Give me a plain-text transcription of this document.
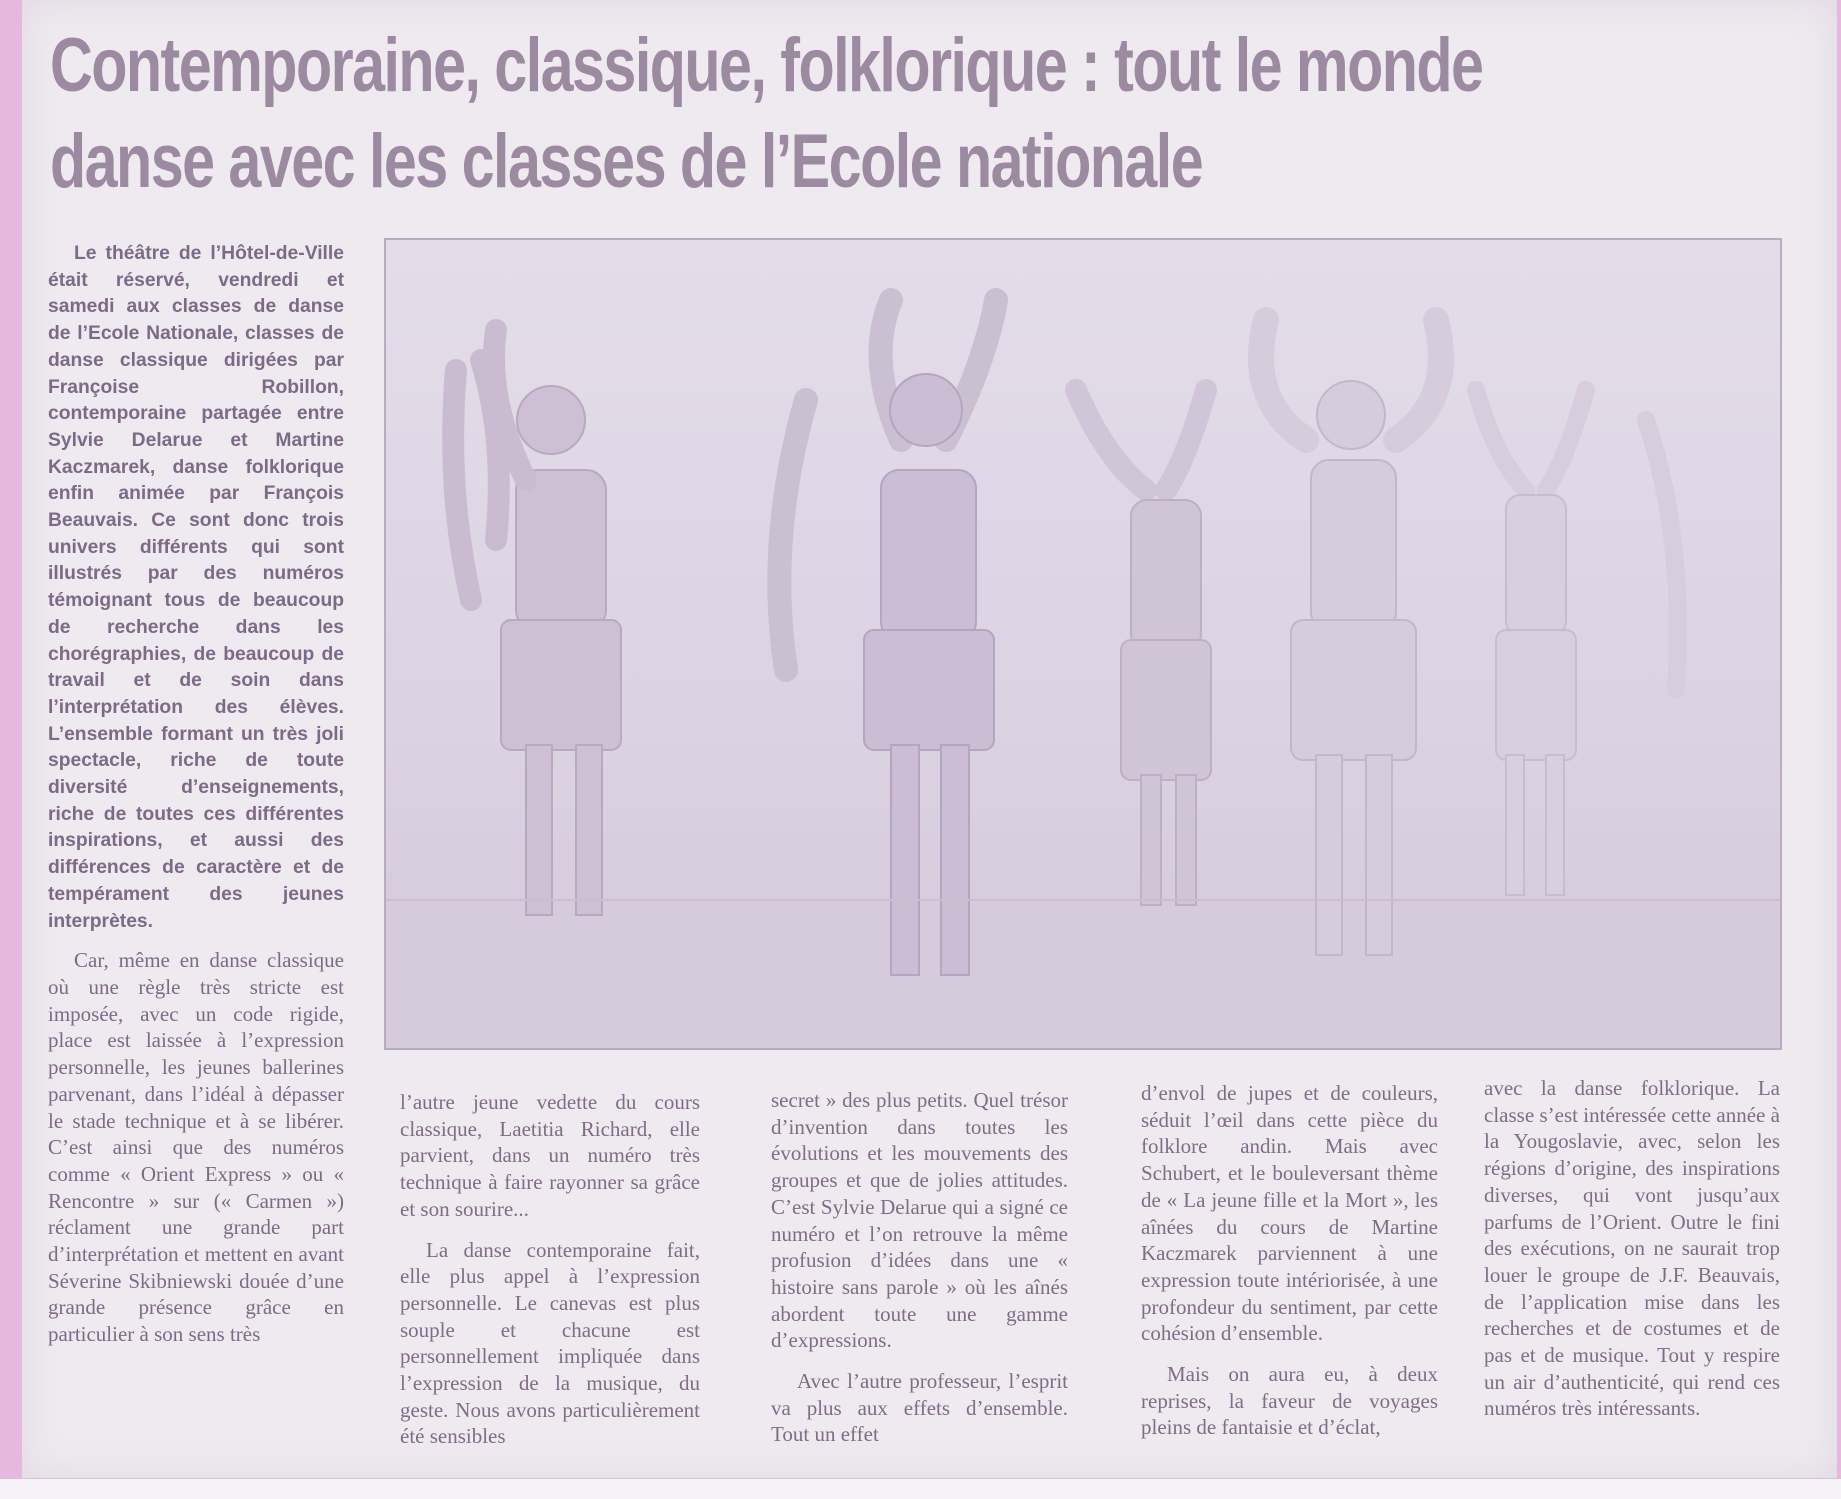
Contemporaine, classique, folklorique : tout le monde
danse avec les classes de l’Ecole nationale

Le théâtre de l’Hôtel-de-Ville était réservé, vendredi et samedi aux classes de danse de l’Ecole Nationale, classes de danse classique dirigées par Françoise Robillon, contemporaine partagée entre Sylvie Delarue et Martine Kaczmarek, danse folklorique enfin animée par François Beauvais. Ce sont donc trois univers différents qui sont illustrés par des numéros témoignant tous de beaucoup de recherche dans les chorégraphies, de beaucoup de travail et de soin dans l’interprétation des élèves. L’ensemble formant un très joli spectacle, riche de toute diversité d’enseignements, riche de toutes ces différentes inspirations, et aussi des différences de caractère et de tempérament des jeunes interprètes.

Car, même en danse classique où une règle très stricte est imposée, avec un code rigide, place est laissée à l’expression personnelle, les jeunes ballerines parvenant, dans l’idéal à dépasser le stade technique et à se libérer. C’est ainsi que des numéros comme « Orient Express » ou « Rencontre » sur (« Carmen ») réclament une grande part d’interprétation et mettent en avant Séverine Skibniewski douée d’une grande présence grâce en particulier à son sens très

l’autre jeune vedette du cours classique, Laetitia Richard, elle parvient, dans un numéro très technique à faire rayonner sa grâce et son sourire...

La danse contemporaine fait, elle plus appel à l’expression personnelle. Le canevas est plus souple et chacune est personnellement impliquée dans l’expression de la musique, du geste. Nous avons particulièrement été sensibles

secret » des plus petits. Quel trésor d’invention dans toutes les évolutions et les mouvements des groupes et que de jolies attitudes. C’est Sylvie Delarue qui a signé ce numéro et l’on retrouve la même profusion d’idées dans une « histoire sans parole » où les aînés abordent toute une gamme d’expressions.

Avec l’autre professeur, l’esprit va plus aux effets d’ensemble. Tout un effet

d’envol de jupes et de couleurs, séduit l’œil dans cette pièce du folklore andin. Mais avec Schubert, et le bouleversant thème de « La jeune fille et la Mort », les aînées du cours de Martine Kaczmarek parviennent à une expression toute intériorisée, à une profondeur du sentiment, par cette cohésion d’ensemble.

Mais on aura eu, à deux reprises, la faveur de voyages pleins de fantaisie et d’éclat,

avec la danse folklorique. La classe s’est intéressée cette année à la Yougoslavie, avec, selon les régions d’origine, des inspirations diverses, qui vont jusqu’aux parfums de l’Orient. Outre le fini des exécutions, on ne saurait trop louer le groupe de J.F. Beauvais, de l’application mise dans les recherches et de costumes et de pas et de musique. Tout y respire un air d’authenticité, qui rend ces numéros très intéressants.
